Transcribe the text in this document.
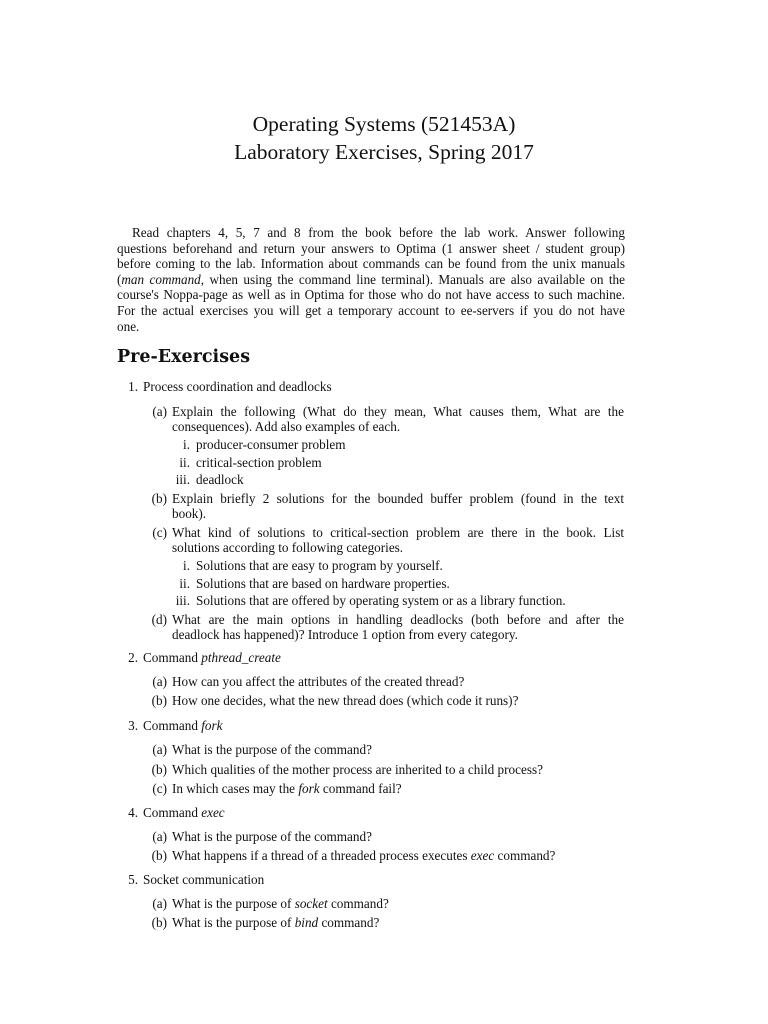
Operating Systems (521453A)
Laboratory Exercises, Spring 2017
Read chapters 4, 5, 7 and 8 from the book before the lab work. Answer following
questions beforehand and return your answers to Optima (1 answer sheet / student group)
before coming to the lab. Information about commands can be found from the unix manuals
(man command, when using the command line terminal). Manuals are also available on the
course's Noppa-page as well as in Optima for those who do not have access to such machine.
For the actual exercises you will get a temporary account to ee-servers if you do not have
one.
Pre-Exercises
1. Process coordination and deadlocks
(a) Explain the following (What do they mean, What causes them, What are the
consequences). Add also examples of each.
i. producer-consumer problem
ii. critical-section problem
iii. deadlock
(b) Explain briefly 2 solutions for the bounded buffer problem (found in the text
book).
(c) What kind of solutions to critical-section problem are there in the book. List
solutions according to following categories.
i. Solutions that are easy to program by yourself.
ii. Solutions that are based on hardware properties.
iii. Solutions that are offered by operating system or as a library function.
(d) What are the main options in handling deadlocks (both before and after the
deadlock has happened)? Introduce 1 option from every category.
2. Command pthread_create
(a) How can you affect the attributes of the created thread?
(b) How one decides, what the new thread does (which code it runs)?
3. Command fork
(a) What is the purpose of the command?
(b) Which qualities of the mother process are inherited to a child process?
(c) In which cases may the fork command fail?
4. Command exec
(a) What is the purpose of the command?
(b) What happens if a thread of a threaded process executes exec command?
5. Socket communication
(a) What is the purpose of socket command?
(b) What is the purpose of bind command?
